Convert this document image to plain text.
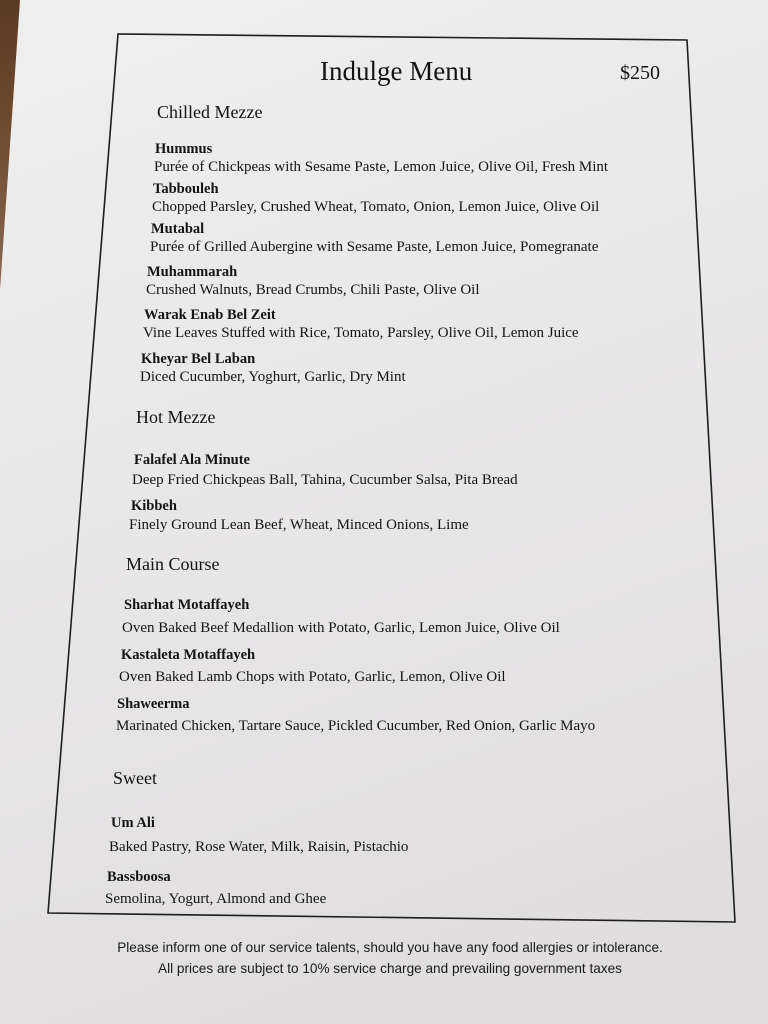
Indulge Menu	$250
Chilled Mezze
Hummus
Purée of Chickpeas with Sesame Paste, Lemon Juice, Olive Oil, Fresh Mint
Tabbouleh
Chopped Parsley, Crushed Wheat, Tomato, Onion, Lemon Juice, Olive Oil
Mutabal
Purée of Grilled Aubergine with Sesame Paste, Lemon Juice, Pomegranate
Muhammarah
Crushed Walnuts, Bread Crumbs, Chili Paste, Olive Oil
Warak Enab Bel Zeit
Vine Leaves Stuffed with Rice, Tomato, Parsley, Olive Oil, Lemon Juice
Kheyar Bel Laban
Diced Cucumber, Yoghurt, Garlic, Dry Mint
Hot Mezze
Falafel Ala Minute
Deep Fried Chickpeas Ball, Tahina, Cucumber Salsa, Pita Bread
Kibbeh
Finely Ground Lean Beef, Wheat, Minced Onions, Lime
Main Course
Sharhat Motaffayeh
Oven Baked Beef Medallion with Potato, Garlic, Lemon Juice, Olive Oil
Kastaleta Motaffayeh
Oven Baked Lamb Chops with Potato, Garlic, Lemon, Olive Oil
Shaweerma
Marinated Chicken, Tartare Sauce, Pickled Cucumber, Red Onion, Garlic Mayo
Sweet
Um Ali
Baked Pastry, Rose Water, Milk, Raisin, Pistachio
Bassboosa
Semolina, Yogurt, Almond and Ghee
Please inform one of our service talents, should you have any food allergies or intolerance.
All prices are subject to 10% service charge and prevailing government taxes
